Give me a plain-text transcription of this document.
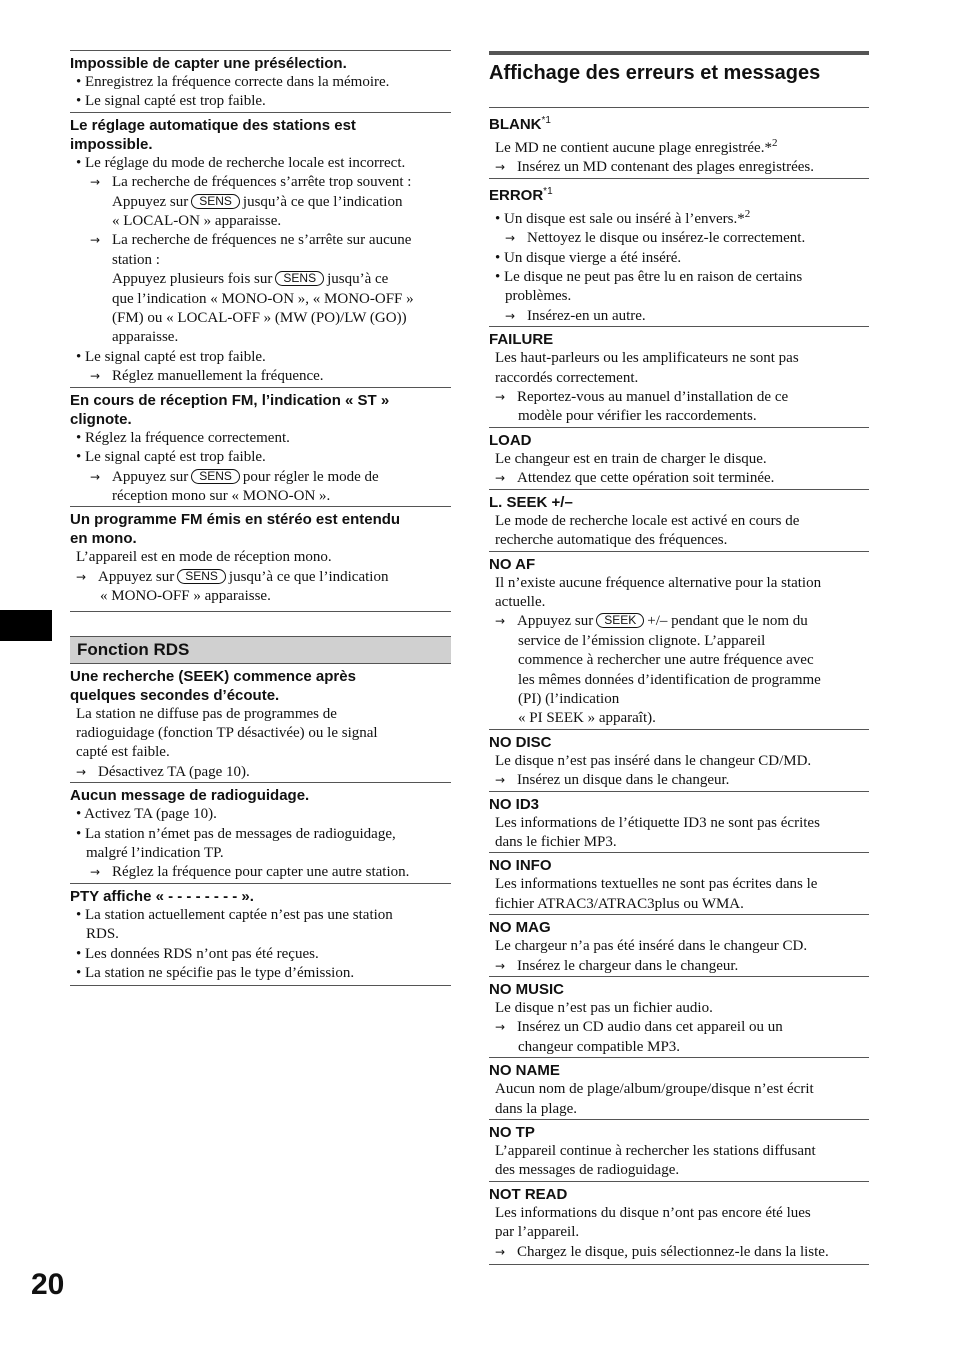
20
Impossible de capter une présélection.
• Enregistrez la fréquence correcte dans la mémoire.
• Le signal capté est trop faible.
Le réglage automatique des stations est
impossible.
• Le réglage du mode de recherche locale est incorrect.
→ La recherche de fréquences s’arrête trop souvent :
Appuyez sur SENS jusqu’à ce que l’indication
« LOCAL-ON » apparaisse.
→ La recherche de fréquences ne s’arrête sur aucune
station :
Appuyez plusieurs fois sur SENS jusqu’à ce
que l’indication « MONO-ON », « MONO-OFF »
(FM) ou « LOCAL-OFF » (MW (PO)/LW (GO))
apparaisse.
• Le signal capté est trop faible.
→ Réglez manuellement la fréquence.
En cours de réception FM, l’indication « ST »
clignote.
• Réglez la fréquence correctement.
• Le signal capté est trop faible.
→ Appuyez sur SENS pour régler le mode de
réception mono sur « MONO-ON ».
Un programme FM émis en stéréo est entendu
en mono.
L’appareil est en mode de réception mono.
→ Appuyez sur SENS jusqu’à ce que l’indication
« MONO-OFF » apparaisse.
Fonction RDS
Une recherche (SEEK) commence après
quelques secondes d’écoute.
La station ne diffuse pas de programmes de
radioguidage (fonction TP désactivée) ou le signal
capté est faible.
→ Désactivez TA (page 10).
Aucun message de radioguidage.
• Activez TA (page 10).
• La station n’émet pas de messages de radioguidage,
malgré l’indication TP.
→ Réglez la fréquence pour capter une autre station.
PTY affiche « - - - - - - - - ».
• La station actuellement captée n’est pas une station
RDS.
• Les données RDS n’ont pas été reçues.
• La station ne spécifie pas le type d’émission.
Affichage des erreurs et messages
BLANK$^{*1}$
Le MD ne contient aucune plage enregistrée.*$^2$
→ Insérez un MD contenant des plages enregistrées.
ERROR$^{*1}$
• Un disque est sale ou inséré à l’envers.*$^2$
→ Nettoyez le disque ou insérez-le correctement.
• Un disque vierge a été inséré.
• Le disque ne peut pas être lu en raison de certains
problèmes.
→ Insérez-en un autre.
FAILURE
Les haut-parleurs ou les amplificateurs ne sont pas
raccordés correctement.
→ Reportez-vous au manuel d’installation de ce
modèle pour vérifier les raccordements.
LOAD
Le changeur est en train de charger le disque.
→ Attendez que cette opération soit terminée.
L. SEEK +/–
Le mode de recherche locale est activé en cours de
recherche automatique des fréquences.
NO AF
Il n’existe aucune fréquence alternative pour la station
actuelle.
→ Appuyez sur SEEK +/– pendant que le nom du
service de l’émission clignote. L’appareil
commence à rechercher une autre fréquence avec
les mêmes données d’identification de programme
(PI) (l’indication
« PI SEEK » apparaît).
NO DISC
Le disque n’est pas inséré dans le changeur CD/MD.
→ Insérez un disque dans le changeur.
NO ID3
Les informations de l’étiquette ID3 ne sont pas écrites
dans le fichier MP3.
NO INFO
Les informations textuelles ne sont pas écrites dans le
fichier ATRAC3/ATRAC3plus ou WMA.
NO MAG
Le chargeur n’a pas été inséré dans le changeur CD.
→ Insérez le chargeur dans le changeur.
NO MUSIC
Le disque n’est pas un fichier audio.
→ Insérez un CD audio dans cet appareil ou un
changeur compatible MP3.
NO NAME
Aucun nom de plage/album/groupe/disque n’est écrit
dans la plage.
NO TP
L’appareil continue à rechercher les stations diffusant
des messages de radioguidage.
NOT READ
Les informations du disque n’ont pas encore été lues
par l’appareil.
→ Chargez le disque, puis sélectionnez-le dans la liste.
